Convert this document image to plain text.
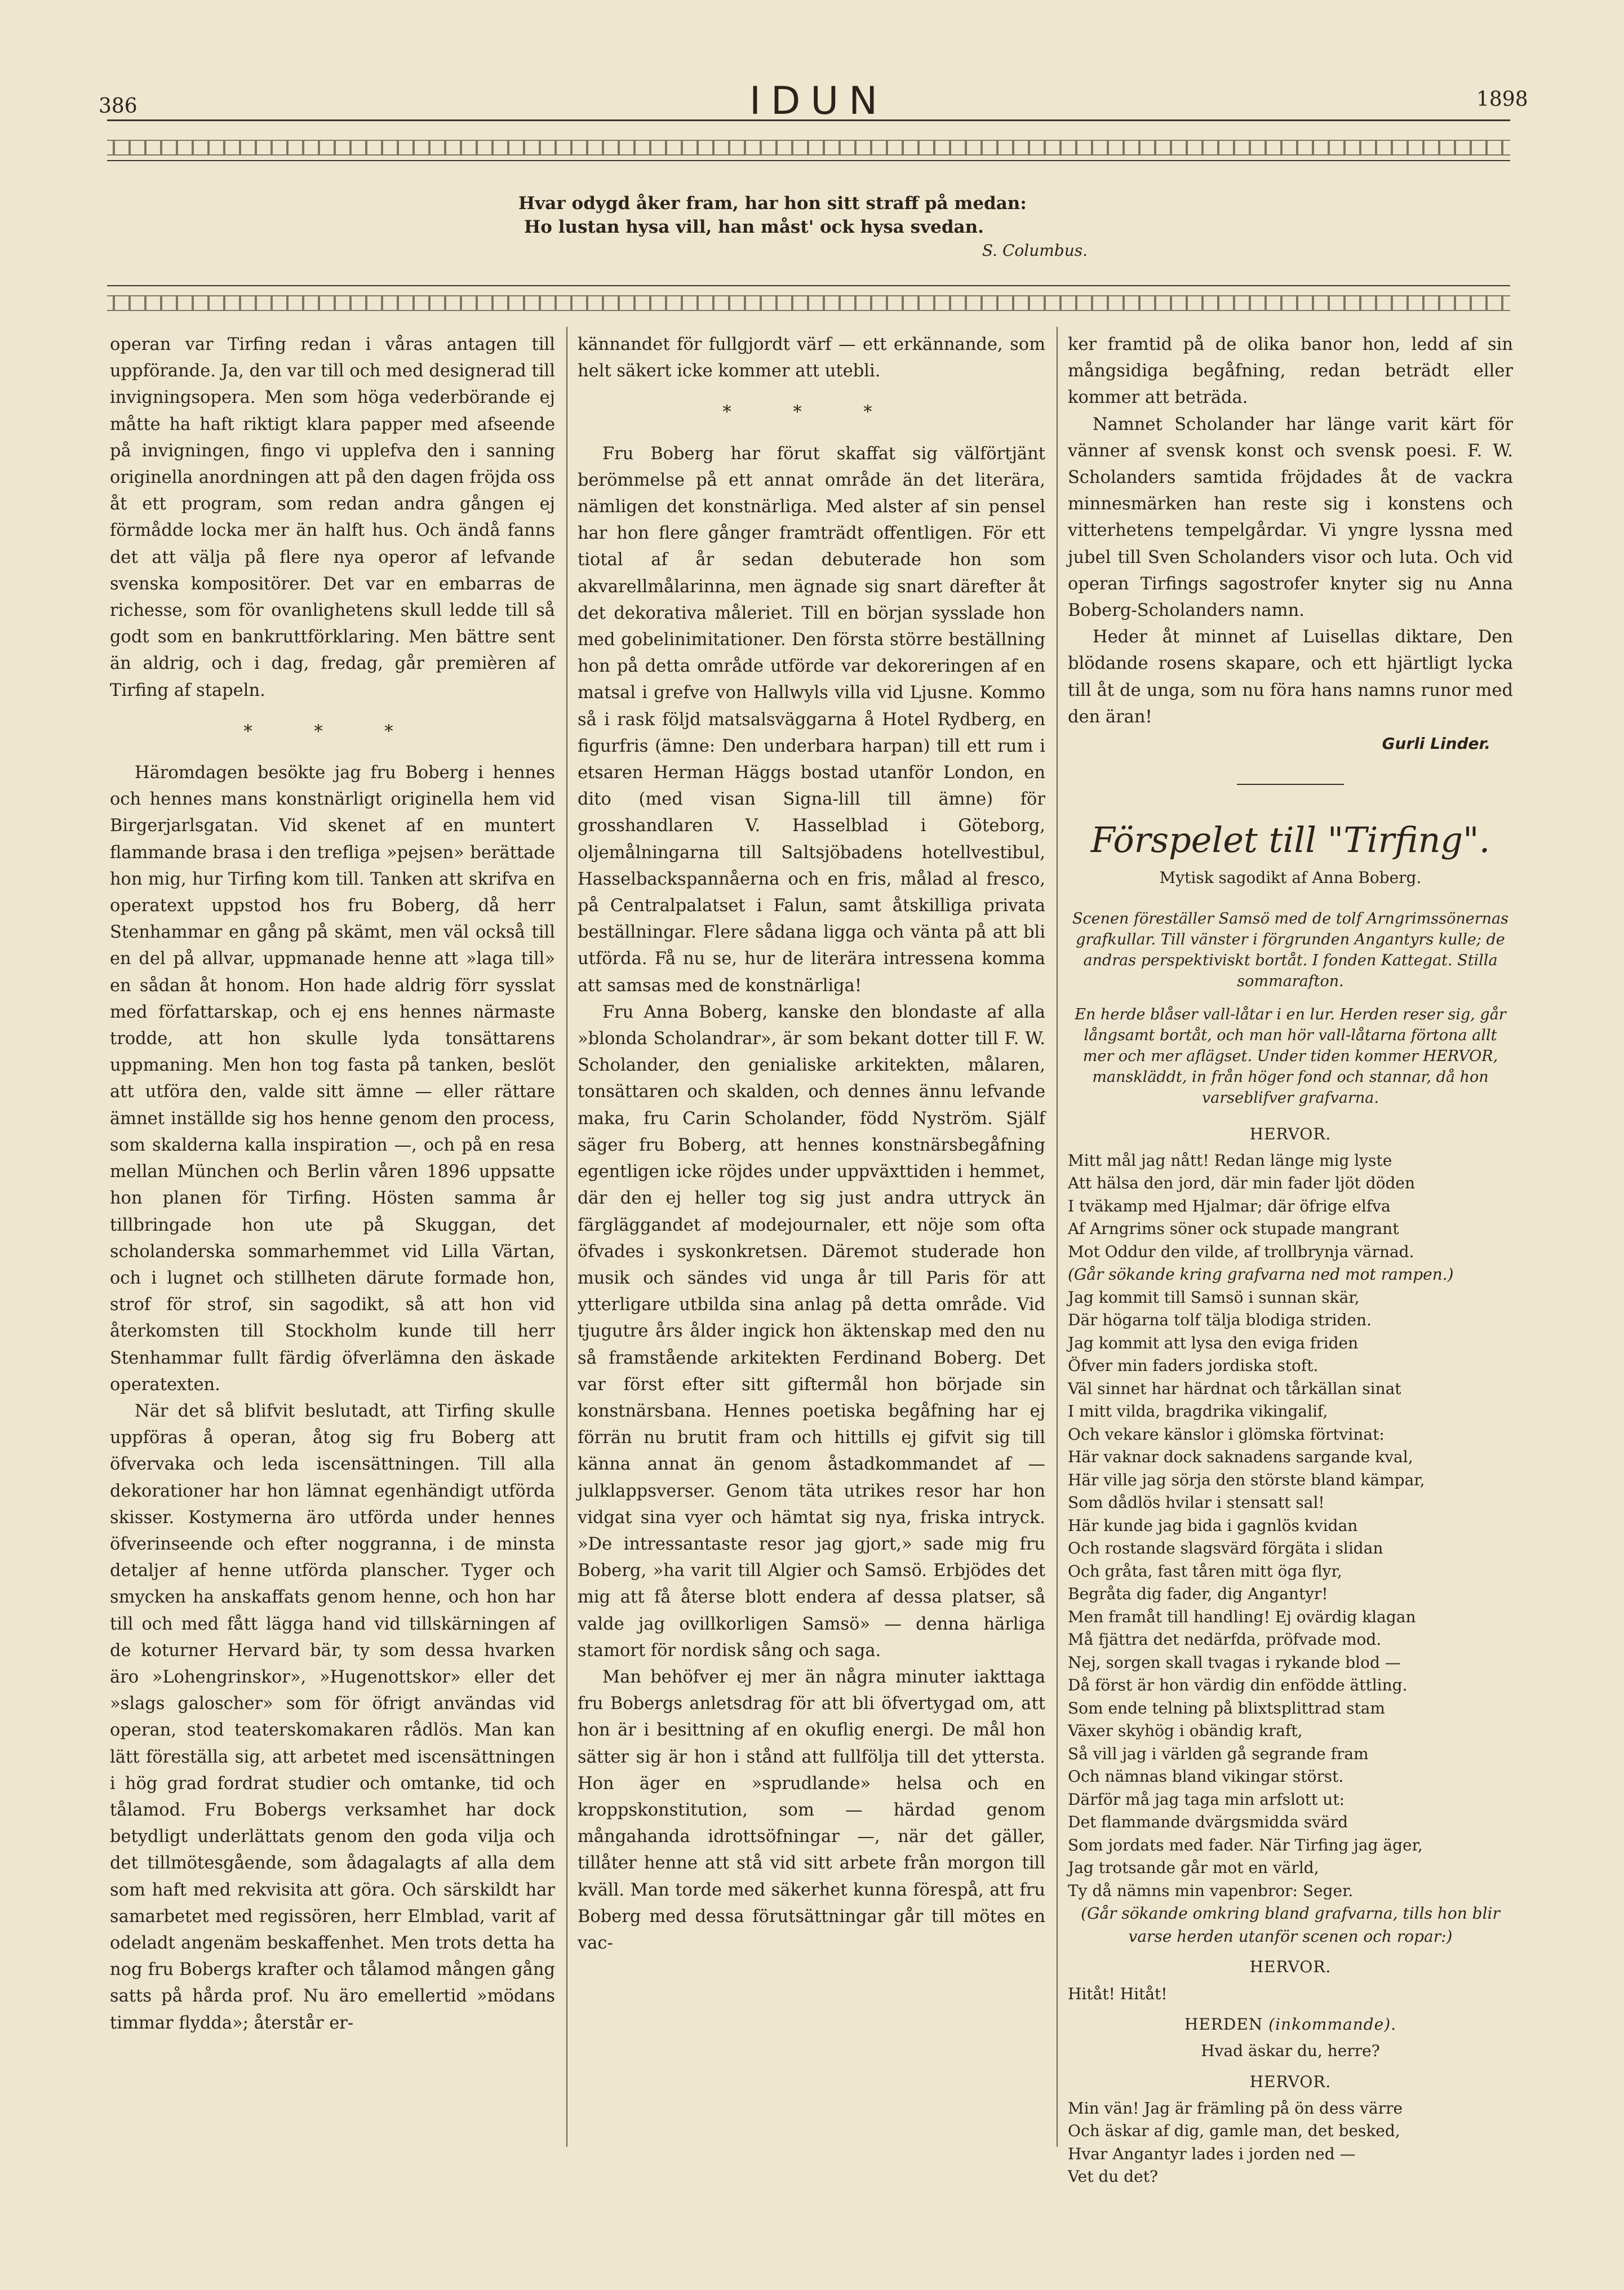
386	IDUN	1898
Hvar odygd åker fram, har hon sitt straff på medan:
Ho lustan hysa vill, han måst' ock hysa svedan.
S. Columbus.

operan var Tirfing redan i våras antagen till uppförande. Ja, den var till och med designerad till invigningsopera. Men som höga vederbörande ej måtte ha haft riktigt klara papper med afseende på invigningen, fingo vi upplefva den i sanning originella anordningen att på den dagen fröjda oss åt ett program, som redan andra gången ej förmådde locka mer än halft hus. Och ändå fanns det att välja på flere nya operor af lefvande svenska kompositörer. Det var en embarras de richesse, som för ovanlighetens skull ledde till så godt som en bankruttförklaring. Men bättre sent än aldrig, och i dag, fredag, går premièren af Tirfing af stapeln.

* * *

Häromdagen besökte jag fru Boberg i hennes och hennes mans konstnärligt originella hem vid Birgerjarlsgatan. Vid skenet af en muntert flammande brasa i den trefliga »pejsen» berättade hon mig, hur Tirfing kom till. Tanken att skrifva en operatext uppstod hos fru Boberg, då herr Stenhammar en gång på skämt, men väl också till en del på allvar, uppmanade henne att »laga till» en sådan åt honom. Hon hade aldrig förr sysslat med författarskap, och ej ens hennes närmaste trodde, att hon skulle lyda tonsättarens uppmaning. Men hon tog fasta på tanken, beslöt att utföra den, valde sitt ämne — eller rättare ämnet inställde sig hos henne genom den process, som skalderna kalla inspiration —, och på en resa mellan München och Berlin våren 1896 uppsatte hon planen för Tirfing. Hösten samma år tillbringade hon ute på Skuggan, det scholanderska sommarhemmet vid Lilla Värtan, och i lugnet och stillheten därute formade hon, strof för strof, sin sagodikt, så att hon vid återkomsten till Stockholm kunde till herr Stenhammar fullt färdig öfverlämna den äskade operatexten.

När det så blifvit beslutadt, att Tirfing skulle uppföras å operan, åtog sig fru Boberg att öfvervaka och leda iscensättningen. Till alla dekorationer har hon lämnat egenhändigt utförda skisser. Kostymerna äro utförda under hennes öfverinseende och efter noggranna, i de minsta detaljer af henne utförda planscher. Tyger och smycken ha anskaffats genom henne, och hon har till och med fått lägga hand vid tillskärningen af de koturner Hervard bär, ty som dessa hvarken äro »Lohengrinskor», »Hugenottskor» eller det »slags galoscher» som för öfrigt användas vid operan, stod teaterskomakaren rådlös. Man kan lätt föreställa sig, att arbetet med iscensättningen i hög grad fordrat studier och omtanke, tid och tålamod. Fru Bobergs verksamhet har dock betydligt underlättats genom den goda vilja och det tillmötesgående, som ådagalagts af alla dem som haft med rekvisita att göra. Och särskildt har samarbetet med regissören, herr Elmblad, varit af odeladt angenäm beskaffenhet. Men trots detta ha nog fru Bobergs krafter och tålamod mången gång satts på hårda prof. Nu äro emellertid »mödans timmar flydda»; återstår er-

kännandet för fullgjordt värf — ett erkännande, som helt säkert icke kommer att utebli.

* * *

Fru Boberg har förut skaffat sig välförtjänt berömmelse på ett annat område än det literära, nämligen det konstnärliga. Med alster af sin pensel har hon flere gånger framträdt offentligen. För ett tiotal af år sedan debuterade hon som akvarellmålarinna, men ägnade sig snart därefter åt det dekorativa måleriet. Till en början sysslade hon med gobelinimitationer. Den första större beställning hon på detta område utförde var dekoreringen af en matsal i grefve von Hallwyls villa vid Ljusne. Kommo så i rask följd matsalsväggarna å Hotel Rydberg, en figurfris (ämne: Den underbara harpan) till ett rum i etsaren Herman Häggs bostad utanför London, en dito (med visan Signa-lill till ämne) för grosshandlaren V. Hasselblad i Göteborg, oljemålningarna till Saltsjöbadens hotellvestibul, Hasselbackspannåerna och en fris, målad al fresco, på Centralpalatset i Falun, samt åtskilliga privata beställningar. Flere sådana ligga och vänta på att bli utförda. Få nu se, hur de literära intressena komma att samsas med de konstnärliga!

Fru Anna Boberg, kanske den blondaste af alla »blonda Scholandrar», är som bekant dotter till F. W. Scholander, den genialiske arkitekten, målaren, tonsättaren och skalden, och dennes ännu lefvande maka, fru Carin Scholander, född Nyström. Själf säger fru Boberg, att hennes konstnärsbegåfning egentligen icke röjdes under uppväxttiden i hemmet, där den ej heller tog sig just andra uttryck än färgläggandet af modejournaler, ett nöje som ofta öfvades i syskonkretsen. Däremot studerade hon musik och sändes vid unga år till Paris för att ytterligare utbilda sina anlag på detta område. Vid tjugutre års ålder ingick hon äktenskap med den nu så framstående arkitekten Ferdinand Boberg. Det var först efter sitt giftermål hon började sin konstnärsbana. Hennes poetiska begåfning har ej förrän nu brutit fram och hittills ej gifvit sig till känna annat än genom åstadkommandet af — julklappsverser. Genom täta utrikes resor har hon vidgat sina vyer och hämtat sig nya, friska intryck. »De intressantaste resor jag gjort,» sade mig fru Boberg, »ha varit till Algier och Samsö. Erbjödes det mig att få återse blott endera af dessa platser, så valde jag ovillkorligen Samsö» — denna härliga stamort för nordisk sång och saga.

Man behöfver ej mer än några minuter iakttaga fru Bobergs anletsdrag för att bli öfvertygad om, att hon är i besittning af en okuflig energi. De mål hon sätter sig är hon i stånd att fullfölja till det yttersta. Hon äger en »sprudlande» helsa och en kroppskonstitution, som — härdad genom mångahanda idrottsöfningar —, när det gäller, tillåter henne att stå vid sitt arbete från morgon till kväll. Man torde med säkerhet kunna förespå, att fru Boberg med dessa förutsättningar går till mötes en vac-

ker framtid på de olika banor hon, ledd af sin mångsidiga begåfning, redan beträdt eller kommer att beträda.

Namnet Scholander har länge varit kärt för vänner af svensk konst och svensk poesi. F. W. Scholanders samtida fröjdades åt de vackra minnesmärken han reste sig i konstens och vitterhetens tempelgårdar. Vi yngre lyssna med jubel till Sven Scholanders visor och luta. Och vid operan Tirfings sagostrofer knyter sig nu Anna Boberg-Scholanders namn.

Heder åt minnet af Luisellas diktare, Den blödande rosens skapare, och ett hjärtligt lycka till åt de unga, som nu föra hans namns runor med den äran!

Gurli Linder.
Förspelet till "Tirfing".
Mytisk sagodikt af Anna Boberg.
Scenen föreställer Samsö med de tolf Arngrimssönernas grafkullar. Till vänster i förgrunden Angantyrs kulle; de andras perspektiviskt bortåt. I fonden Kattegat. Stilla sommarafton.
En herde blåser vall-låtar i en lur. Herden reser sig, går långsamt bortåt, och man hör vall-låtarna förtona allt mer och mer aflägset. Under tiden kommer HERVOR, manskläddt, in från höger fond och stannar, då hon varseblifver grafvarna.
HERVOR.
Mitt mål jag nått! Redan länge mig lyste
Att hälsa den jord, där min fader ljöt döden
I tväkamp med Hjalmar; där öfrige elfva
Af Arngrims söner ock stupade mangrant
Mot Oddur den vilde, af trollbrynja värnad.
(Går sökande kring grafvarna ned mot rampen.)
Jag kommit till Samsö i sunnan skär,
Där högarna tolf tälja blodiga striden.
Jag kommit att lysa den eviga friden
Öfver min faders jordiska stoft.
Väl sinnet har härdnat och tårkällan sinat
I mitt vilda, bragdrika vikingalif,
Och vekare känslor i glömska förtvinat:
Här vaknar dock saknadens sargande kval,
Här ville jag sörja den störste bland kämpar,
Som dådlös hvilar i stensatt sal!
Här kunde jag bida i gagnlös kvidan
Och rostande slagsvärd förgäta i slidan
Och gråta, fast tåren mitt öga flyr,
Begråta dig fader, dig Angantyr!
Men framåt till handling! Ej ovärdig klagan
Må fjättra det nedärfda, pröfvade mod.
Nej, sorgen skall tvagas i rykande blod —
Då först är hon värdig din enfödde ättling.
Som ende telning på blixtsplittrad stam
Växer skyhög i obändig kraft,
Så vill jag i världen gå segrande fram
Och nämnas bland vikingar störst.
Därför må jag taga min arfslott ut:
Det flammande dvärgsmidda svärd
Som jordats med fader. När Tirfing jag äger,
Jag trotsande går mot en värld,
Ty då nämns min vapenbror: Seger.
(Går sökande omkring bland grafvarna, tills hon blir varse herden utanför scenen och ropar:)
HERVOR.
Hitåt! Hitåt!
HERDEN (inkommande).
Hvad äskar du, herre?
HERVOR.
Min vän! Jag är främling på ön dess värre
Och äskar af dig, gamle man, det besked,
Hvar Angantyr lades i jorden ned —
Vet du det?
